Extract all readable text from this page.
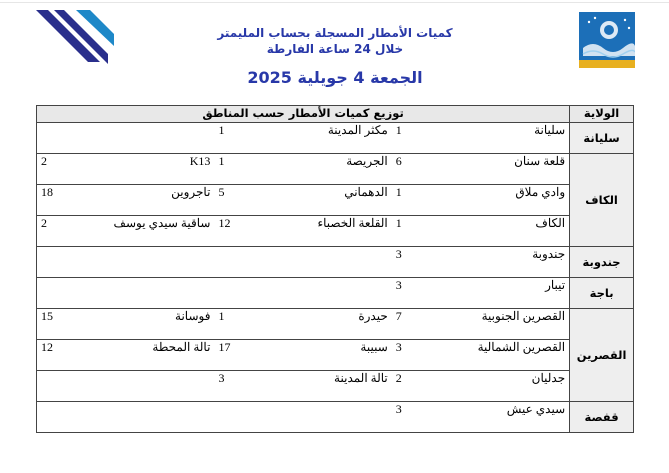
كميات الأمطار المسجلة بحساب المليمتر
خلال 24 ساعة الفارطة
الجمعة 4 جويلية 2025
الولاية	توزيع كميات الأمطار حسب المناطق					
سليانة	سليانة	1	مكثر المدينة	1		
الكاف	قلعة سنان	6	الجريصة	1	K13	2
	وادي ملاق	1	الدهماني	5	تاجروين	18
	الكاف	1	القلعة الخصباء	12	ساقية سيدي يوسف	2
جندوبة	جندوبة	3				
باجة	تيبار	3				
القصرين	القصرين الجنوبية	7	حيدرة	1	فوسانة	15
	القصرين الشمالية	3	سبيبة	17	تالة المحطة	12
	جدليان	2	تالة المدينة	3		
قفصة	سيدي عيش	3				
